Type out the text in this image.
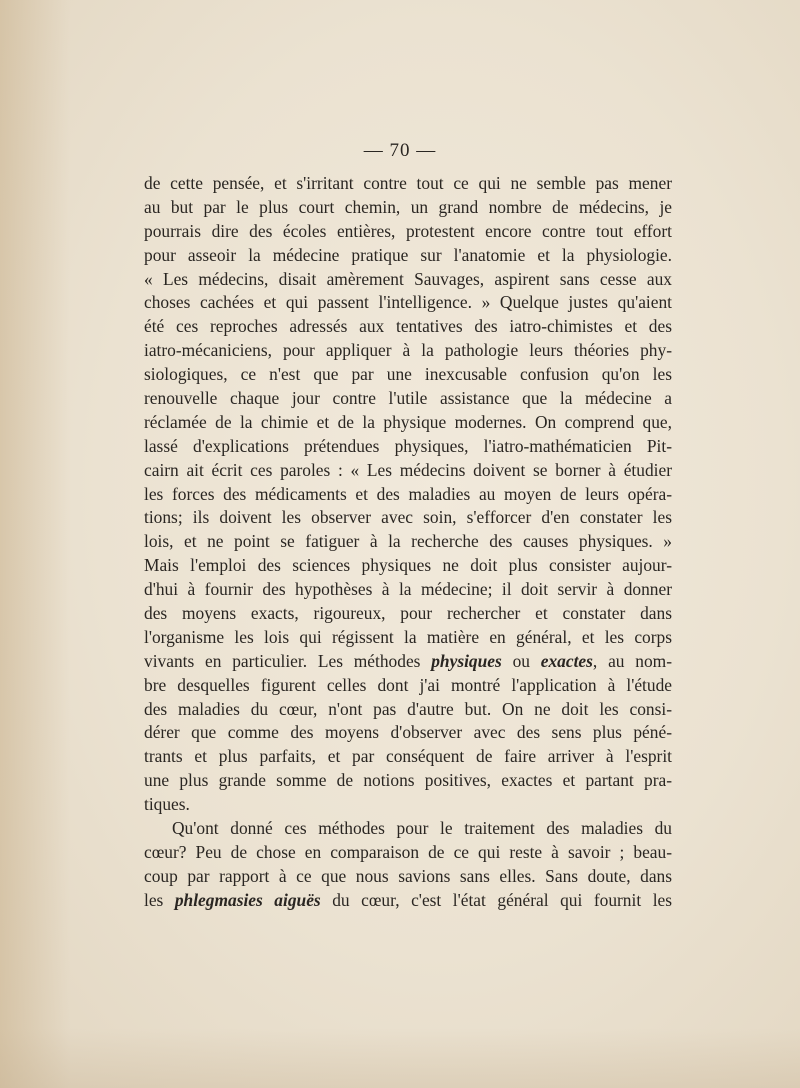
— 70 —
de cette pensée, et s'irritant contre tout ce qui ne semble pas mener
au but par le plus court chemin, un grand nombre de médecins, je
pourrais dire des écoles entières, protestent encore contre tout effort
pour asseoir la médecine pratique sur l'anatomie et la physiologie.
« Les médecins, disait amèrement Sauvages, aspirent sans cesse aux
choses cachées et qui passent l'intelligence. » Quelque justes qu'aient
été ces reproches adressés aux tentatives des iatro-chimistes et des
iatro-mécaniciens, pour appliquer à la pathologie leurs théories phy-
siologiques, ce n'est que par une inexcusable confusion qu'on les
renouvelle chaque jour contre l'utile assistance que la médecine a
réclamée de la chimie et de la physique modernes. On comprend que,
lassé d'explications prétendues physiques, l'iatro-mathématicien Pit-
cairn ait écrit ces paroles : « Les médecins doivent se borner à étudier
les forces des médicaments et des maladies au moyen de leurs opéra-
tions; ils doivent les observer avec soin, s'efforcer d'en constater les
lois, et ne point se fatiguer à la recherche des causes physiques. »
Mais l'emploi des sciences physiques ne doit plus consister aujour-
d'hui à fournir des hypothèses à la médecine; il doit servir à donner
des moyens exacts, rigoureux, pour rechercher et constater dans
l'organisme les lois qui régissent la matière en général, et les corps
vivants en particulier. Les méthodes physiques ou exactes, au nom-
bre desquelles figurent celles dont j'ai montré l'application à l'étude
des maladies du cœur, n'ont pas d'autre but. On ne doit les consi-
dérer que comme des moyens d'observer avec des sens plus péné-
trants et plus parfaits, et par conséquent de faire arriver à l'esprit
une plus grande somme de notions positives, exactes et partant pra-
tiques.
Qu'ont donné ces méthodes pour le traitement des maladies du
cœur? Peu de chose en comparaison de ce qui reste à savoir ; beau-
coup par rapport à ce que nous savions sans elles. Sans doute, dans
les phlegmasies aiguës du cœur, c'est l'état général qui fournit les
